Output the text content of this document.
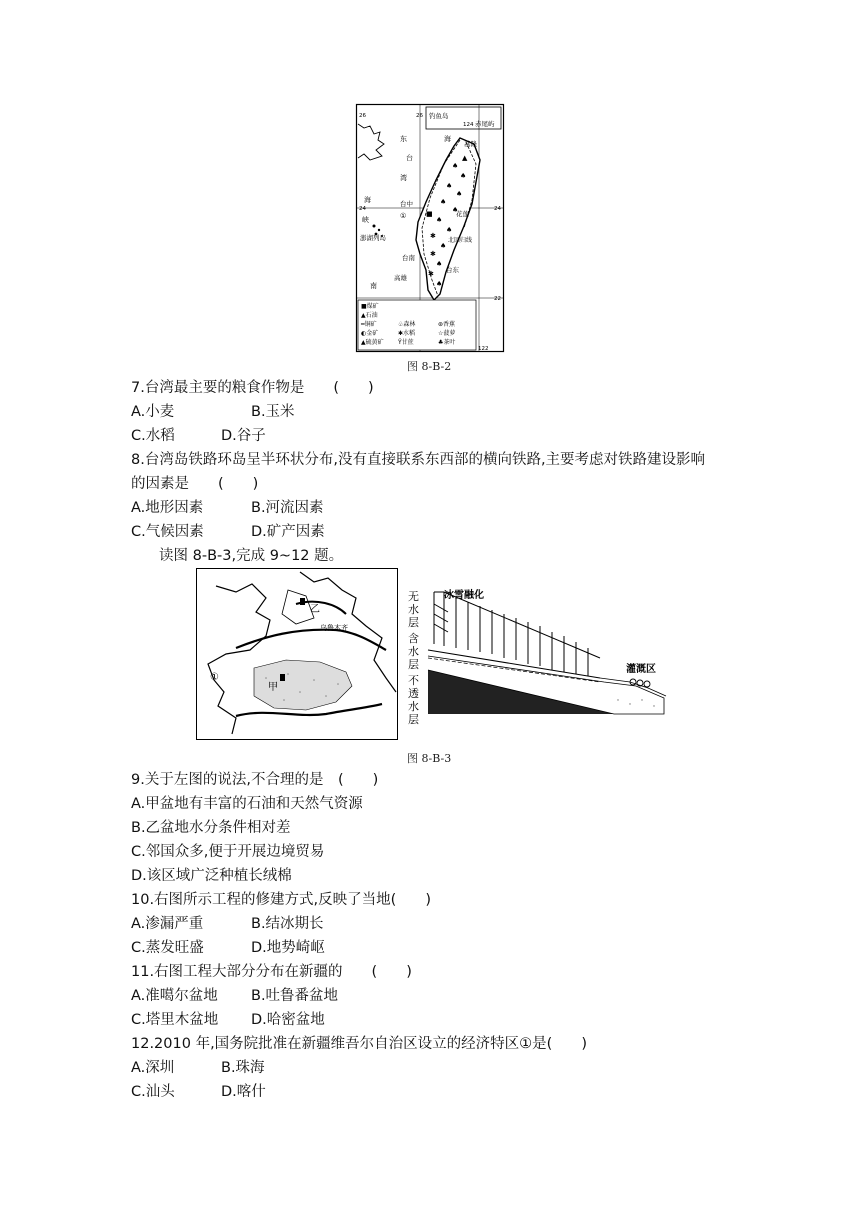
钓鱼岛
赤尾屿
124
26	26
24	24
22
122
♠
♠
♠
♠
♠
♠
♠
♠
✱
♠
✱
♠
✱
♠
▲
■
东	海
台
湾
海
峡
基隆
台中
①	花莲
澎湖列岛	北回归线
台南
高雄
台东
南
■煤矿
▲石油
━铜矿	♧森林	⊛香蕉
◐金矿	✱水稻	☆菠萝
▲硫黄矿 Ϋ甘蔗	♣茶叶
图 8-B-2
7.台湾最主要的粮食作物是　　(　　)
A.小麦	B.玉米
C.水稻	D.谷子
8.台湾岛铁路环岛呈半环状分布,没有直接联系东西部的横向铁路,主要考虑对铁路建设影响
的因素是　　(　　)
A.地形因素	B.河流因素
C.气候因素	D.矿产因素
读图 8-B-3,完成 9~12 题。
乙
乌鲁木齐
甲
①
冰雪融化
无
水
层
含
水
层
不
透
水
层
灌溉区
图 8-B-3
9.关于左图的说法,不合理的是　(　　)
A.甲盆地有丰富的石油和天然气资源
B.乙盆地水分条件相对差
C.邻国众多,便于开展边境贸易
D.该区域广泛种植长绒棉
10.右图所示工程的修建方式,反映了当地(　　)
A.渗漏严重	B.结冰期长
C.蒸发旺盛	D.地势崎岖
11.右图工程大部分分布在新疆的　　(　　)
A.准噶尔盆地 B.吐鲁番盆地
C.塔里木盆地 D.哈密盆地
12.2010 年,国务院批准在新疆维吾尔自治区设立的经济特区①是(　　)
A.深圳	B.珠海
C.汕头	D.喀什
